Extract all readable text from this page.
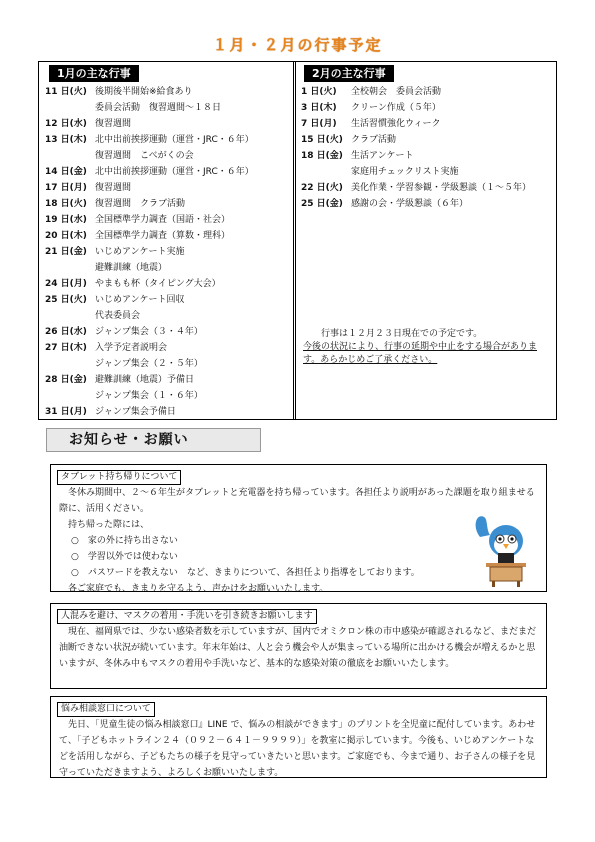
１月・２月の行事予定
1月の主な行事	2月の主な行事
11 日(火) 後期後半開始※給食あり
委員会活動　復習週間～１８日
12 日(水) 復習週間
13 日(木) 北中出前挨拶運動（運営・JRC・６年）
復習週間　こべがくの会
14 日(金) 北中出前挨拶運動（運営・JRC・６年）
17 日(月) 復習週間
18 日(火) 復習週間　クラブ活動
19 日(水) 全国標準学力調査（国語・社会）
20 日(木) 全国標準学力調査（算数・理科）
21 日(金) いじめアンケート実施
避難訓練（地震）
24 日(月) やまもも杯（タイピング大会）
25 日(火) いじめアンケート回収
代表委員会
26 日(水) ジャンプ集会（３・４年）
27 日(木) 入学予定者説明会
ジャンプ集会（２・５年）
28 日(金) 避難訓練（地震）予備日
ジャンプ集会（１・６年）
31 日(月) ジャンプ集会予備日
1 日(火)	全校朝会　委員会活動
3 日(木)	クリーン作成（５年）
7 日(月)	生活習慣強化ウィーク
15 日(火) クラブ活動
18 日(金) 生活アンケート
家庭用チェックリスト実施
22 日(火) 美化作業・学習参観・学級懇談（１～５年）
25 日(金) 感謝の会・学級懇談（６年）

行事は１２月２３日現在での予定です。

今後の状況により、行事の延期や中止をする場合があります。あらかじめご了承ください。

お知らせ・お願い
タブレット持ち帰りについて

冬休み期間中、２～６年生がタブレットと充電器を持ち帰っています。各担任より説明があった課題を取り組ませる際に、活用ください。

持ち帰った際には、

○　家の外に持ち出さない

○　学習以外では使わない

○　パスワードを教えない　など、きまりについて、各担任より指導をしております。

各ご家庭でも、きまりを守るよう、声かけをお願いいたします。

人混みを避け、マスクの着用・手洗いを引き続きお願いします

現在、福岡県では、少ない感染者数を示していますが、国内でオミクロン株の市中感染が確認されるなど、まだまだ油断できない状況が続いています。年末年始は、人と会う機会や人が集まっている場所に出かける機会が増えるかと思いますが、冬休み中もマスクの着用や手洗いなど、基本的な感染対策の徹底をお願いいたします。

悩み相談窓口について

先日、「児童生徒の悩み相談窓口』LINE で、悩みの相談ができます」のプリントを全児童に配付しています。あわせて、「子どもホットライン２４（０９２－６４１－９９９９）」を教室に掲示しています。今後も、いじめアンケートなどを活用しながら、子どもたちの様子を見守っていきたいと思います。ご家庭でも、今まで通り、お子さんの様子を見守っていただきますよう、よろしくお願いいたします。
